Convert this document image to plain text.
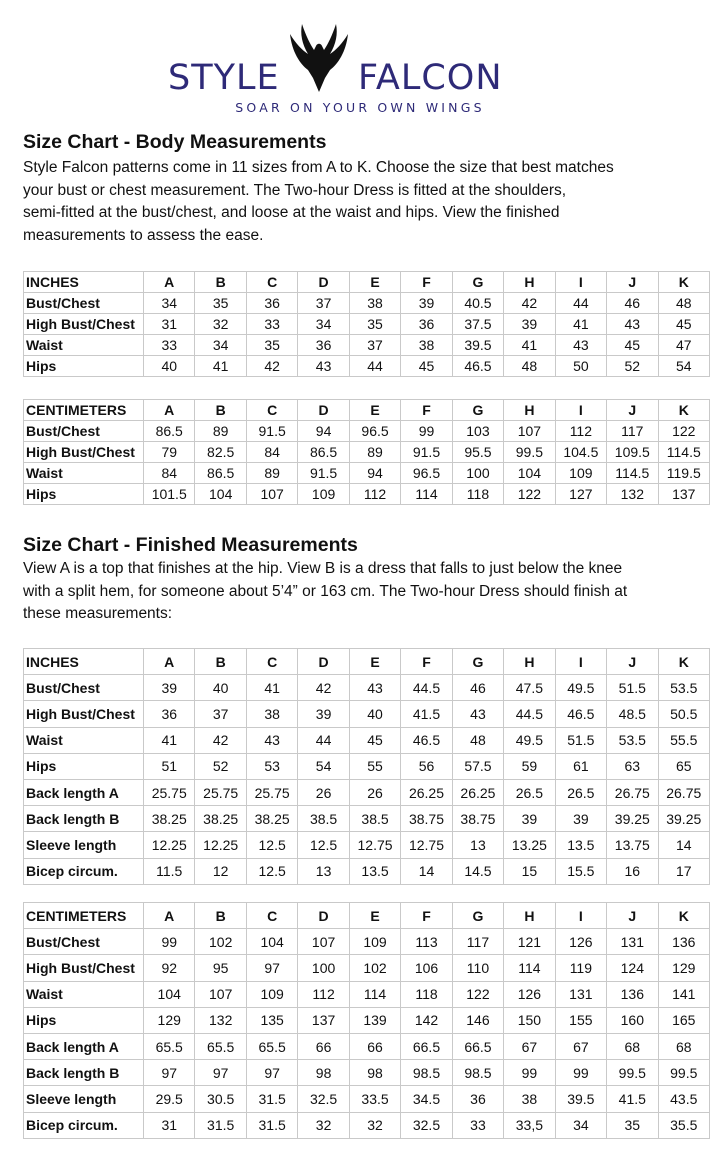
STYLE FALCON
SOAR ON YOUR OWN WINGS
Size Chart - Body Measurements
Style Falcon patterns come in 11 sizes from A to K. Choose the size that best matches
your bust or chest measurement. The Two-hour Dress is fitted at the shoulders,
semi-fitted at the bust/chest, and loose at the waist and hips. View the finished
measurements to assess the ease.
INCHES	A	B	C	D	E	F	G	H	I	J	K
Bust/Chest	34	35	36	37	38	39	40.5	42	44	46	48
High Bust/Chest	31	32	33	34	35	36	37.5	39	41	43	45
Waist	33	34	35	36	37	38	39.5	41	43	45	47
Hips	40	41	42	43	44	45	46.5	48	50	52	54
CENTIMETERS	A	B	C	D	E	F	G	H	I	J	K
Bust/Chest	86.5	89	91.5	94	96.5	99	103	107	112	117	122
High Bust/Chest	79	82.5	84	86.5	89	91.5	95.5	99.5	104.5	109.5	114.5
Waist	84	86.5	89	91.5	94	96.5	100	104	109	114.5	119.5
Hips	101.5	104	107	109	112	114	118	122	127	132	137
Size Chart - Finished Measurements
View A is a top that finishes at the hip. View B is a dress that falls to just below the knee
with a split hem, for someone about 5’4” or 163 cm. The Two-hour Dress should finish at
these measurements:
INCHES	A	B	C	D	E	F	G	H	I	J	K
Bust/Chest	39	40	41	42	43	44.5	46	47.5	49.5	51.5	53.5
High Bust/Chest	36	37	38	39	40	41.5	43	44.5	46.5	48.5	50.5
Waist	41	42	43	44	45	46.5	48	49.5	51.5	53.5	55.5
Hips	51	52	53	54	55	56	57.5	59	61	63	65
Back length A	25.75	25.75	25.75	26	26	26.25	26.25	26.5	26.5	26.75	26.75
Back length B	38.25	38.25	38.25	38.5	38.5	38.75	38.75	39	39	39.25	39.25
Sleeve length	12.25	12.25	12.5	12.5	12.75	12.75	13	13.25	13.5	13.75	14
Bicep circum.	11.5	12	12.5	13	13.5	14	14.5	15	15.5	16	17
CENTIMETERS	A	B	C	D	E	F	G	H	I	J	K
Bust/Chest	99	102	104	107	109	113	117	121	126	131	136
High Bust/Chest	92	95	97	100	102	106	110	114	119	124	129
Waist	104	107	109	112	114	118	122	126	131	136	141
Hips	129	132	135	137	139	142	146	150	155	160	165
Back length A	65.5	65.5	65.5	66	66	66.5	66.5	67	67	68	68
Back length B	97	97	97	98	98	98.5	98.5	99	99	99.5	99.5
Sleeve length	29.5	30.5	31.5	32.5	33.5	34.5	36	38	39.5	41.5	43.5
Bicep circum.	31	31.5	31.5	32	32	32.5	33	33,5	34	35	35.5
